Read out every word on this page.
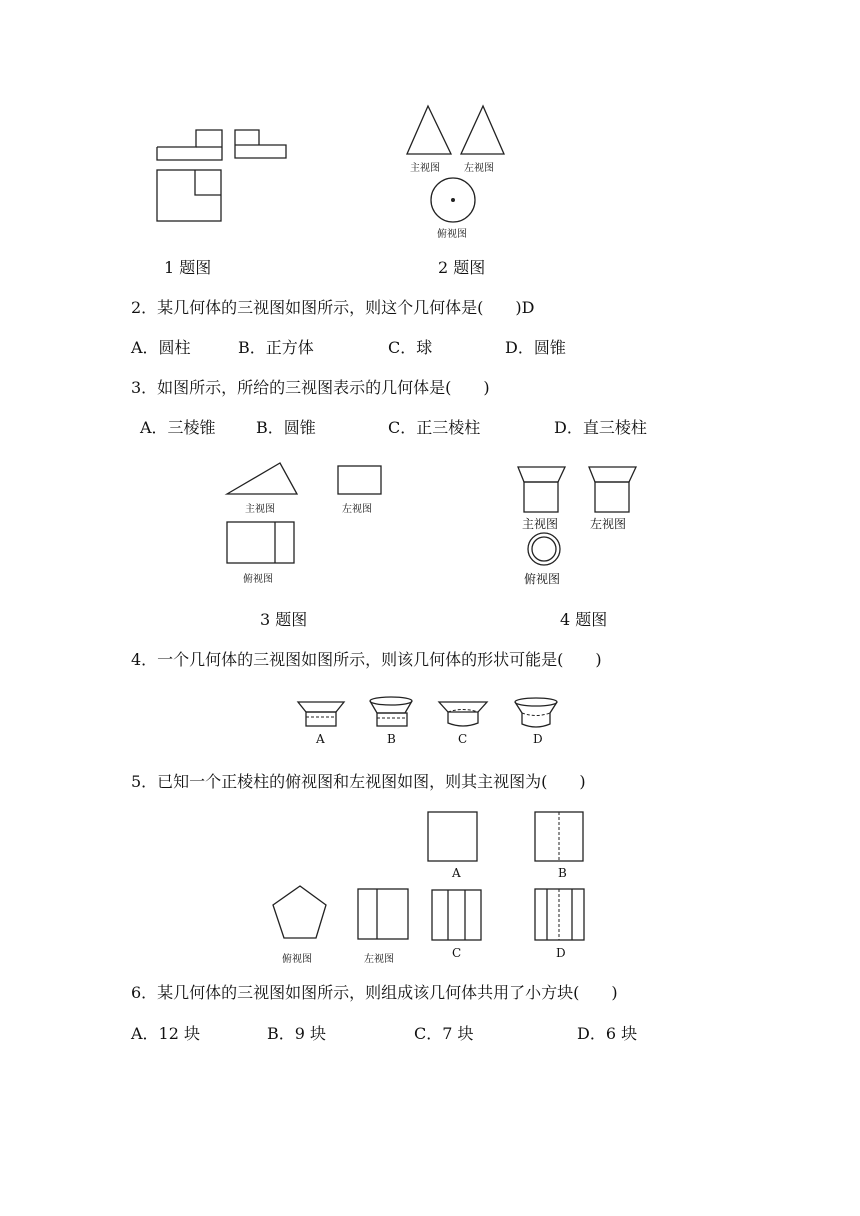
1 题图
主视图 左视图
俯视图
2 题图
2．某几何体的三视图如图所示，则这个几何体是(　　)D
A．圆柱	B．正方体	C．球	D．圆锥
3．如图所示，所给的三视图表示的几何体是(　　)
A．三棱锥	B．圆锥	C．正三棱柱	D．直三棱柱
主视图	左视图
俯视图
3 题图
主视图	左视图
俯视图
4 题图
4．一个几何体的三视图如图所示，则该几何体的形状可能是(　　)
A	B	C	D
5．已知一个正棱柱的俯视图和左视图如图，则其主视图为(　　)
A	B
俯视图	左视图	C	D
6．某几何体的三视图如图所示，则组成该几何体共用了小方块(　　)
A．12 块	B．9 块	C．7 块	D．6 块
